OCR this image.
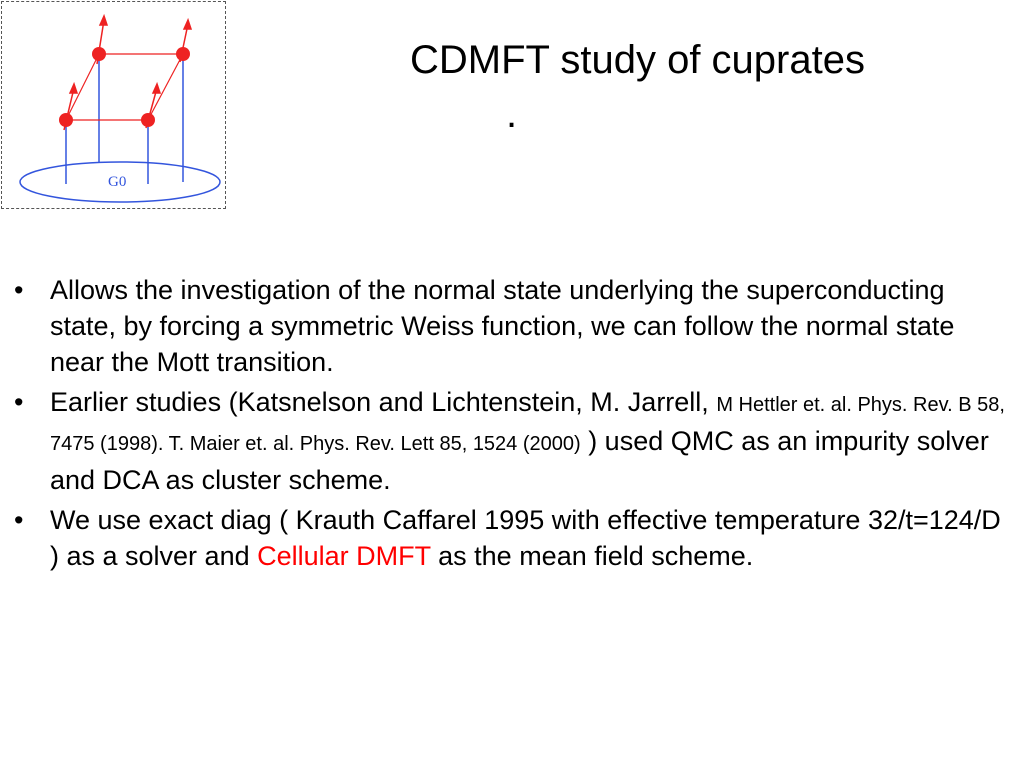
G0
CDMFT study of cuprates
.
• Allows the investigation of the normal state underlying the superconducting state, by forcing a symmetric Weiss function, we can follow the normal state near the Mott transition.
• Earlier studies (Katsnelson and Lichtenstein, M. Jarrell, M Hettler et. al. Phys. Rev. B 58, 7475 (1998). T. Maier et. al. Phys. Rev. Lett 85, 1524 (2000) ) used QMC as an impurity solver and DCA as cluster scheme.
• We use exact diag ( Krauth Caffarel 1995 with effective temperature 32/t=124/D ) as a solver and Cellular DMFT as the mean field scheme.
